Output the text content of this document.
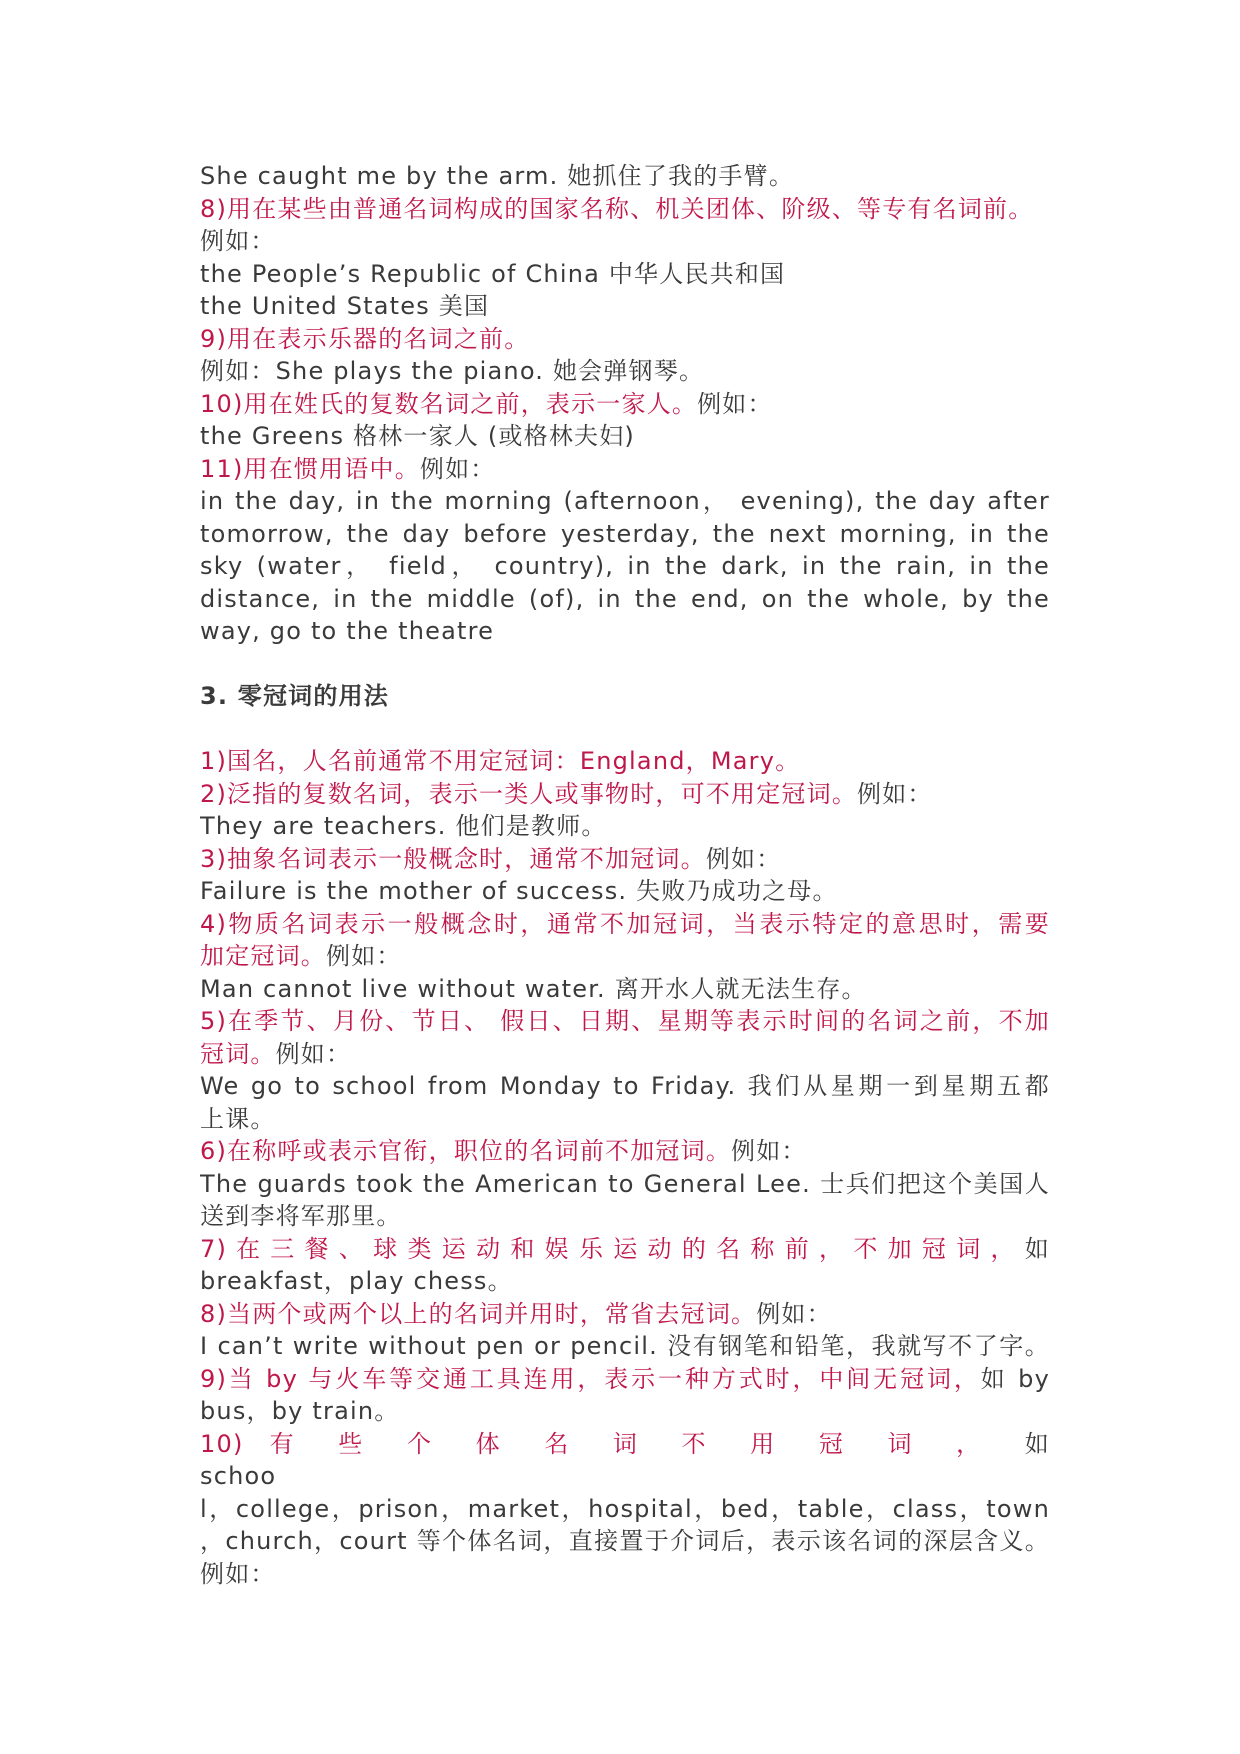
She caught me by the arm. 她抓住了我的手臂。
8)用在某些由普通名词构成的国家名称、机关团体、阶级、等专有名词前。
例如：
the People’s Republic of China 中华人民共和国
the United States 美国
9)用在表示乐器的名词之前。
例如：She plays the piano. 她会弹钢琴。
10)用在姓氏的复数名词之前，表示一家人。例如：
the Greens 格林一家人 (或格林夫妇)
11)用在惯用语中。例如：
in the day, in the morning (afternoon， evening), the day after
tomorrow, the day before yesterday, the next morning, in the
sky (water， field， country), in the dark, in the rain, in the
distance, in the middle (of), in the end, on the whole, by the
way, go to the theatre
3. 零冠词的用法
1)国名，人名前通常不用定冠词：England，Mary。
2)泛指的复数名词，表示一类人或事物时，可不用定冠词。例如：
They are teachers. 他们是教师。
3)抽象名词表示一般概念时，通常不加冠词。例如：
Failure is the mother of success. 失败乃成功之母。
4)物质名词表示一般概念时，通常不加冠词，当表示特定的意思时，需要
加定冠词。例如：
Man cannot live without water. 离开水人就无法生存。
5)在季节、月份、节日、 假日、日期、星期等表示时间的名词之前，不加
冠词。例如：
We go to school from Monday to Friday. 我们从星期一到星期五都
上课。
6)在称呼或表示官衔，职位的名词前不加冠词。例如：
The guards took the American to General Lee. 士兵们把这个美国人
送到李将军那里。
7) 在 三 餐 、 球 类 运 动 和 娱 乐 运 动 的 名 称 前 ， 不 加 冠 词 ， 如
breakfast，play chess。
8)当两个或两个以上的名词并用时，常省去冠词。例如：
I can’t write without pen or pencil. 没有钢笔和铅笔，我就写不了字。
9)当 by 与火车等交通工具连用，表示一种方式时，中间无冠词，如 by
bus，by train。
10) 有 些 个 体 名 词 不 用 冠 词 ， 如
schoo
l，college，prison，market，hospital，bed，table，class，town
，church，court 等个体名词，直接置于介词后，表示该名词的深层含义。
例如：
